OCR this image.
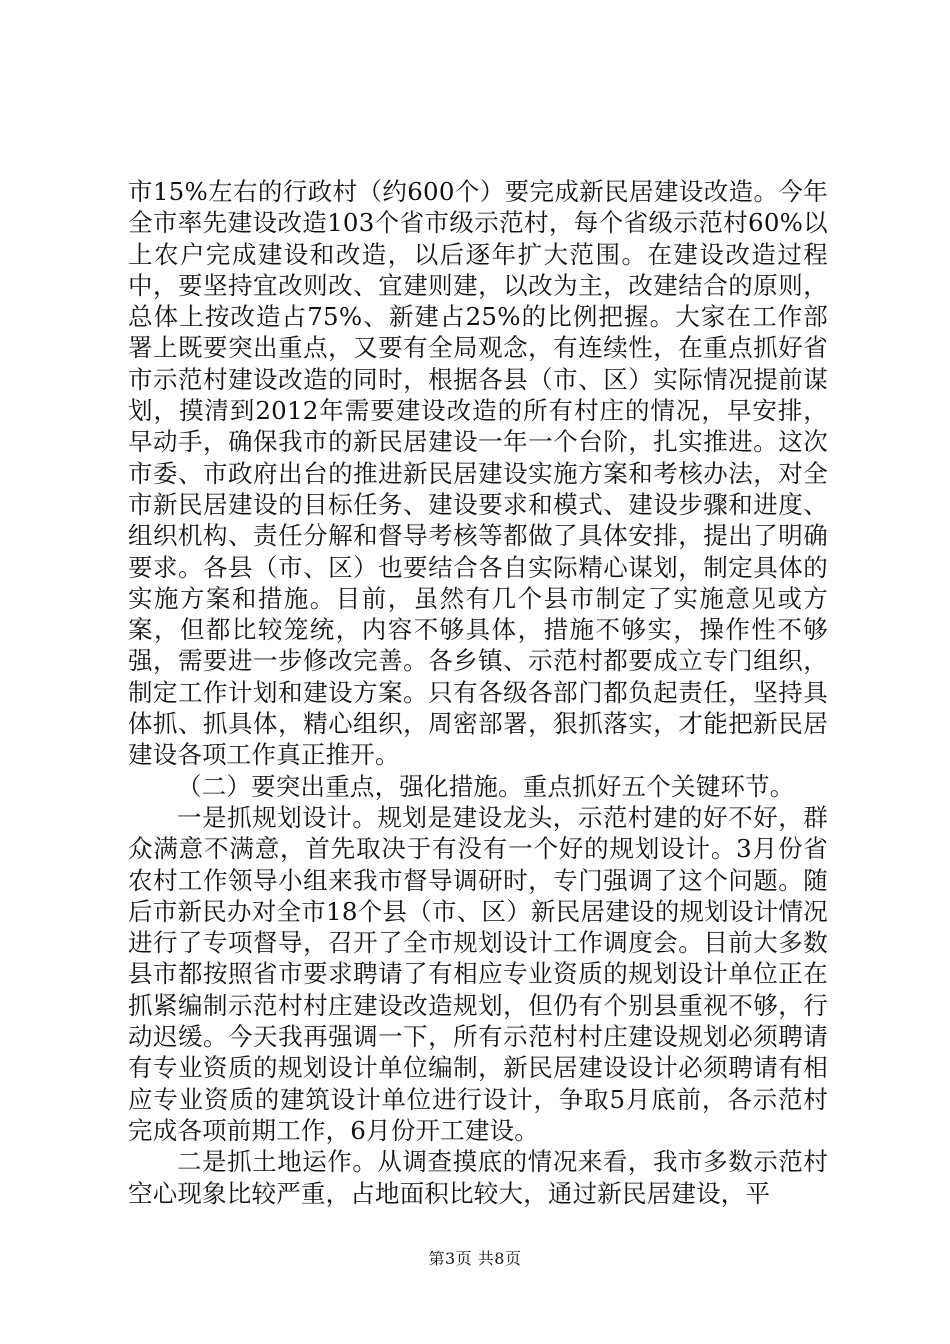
市15%左右的行政村（约600个）要完成新民居建设改造。今年全市率先建设改造103个省市级示范村，每个省级示范村60%以上农户完成建设和改造，以后逐年扩大范围。在建设改造过程中，要坚持宜改则改、宜建则建，以改为主，改建结合的原则，总体上按改造占75%、新建占25%的比例把握。大家在工作部署上既要突出重点，又要有全局观念，有连续性，在重点抓好省市示范村建设改造的同时，根据各县（市、区）实际情况提前谋划，摸清到2012年需要建设改造的所有村庄的情况，早安排，早动手，确保我市的新民居建设一年一个台阶，扎实推进。这次市委、市政府出台的推进新民居建设实施方案和考核办法，对全市新民居建设的目标任务、建设要求和模式、建设步骤和进度、组织机构、责任分解和督导考核等都做了具体安排，提出了明确要求。各县（市、区）也要结合各自实际精心谋划，制定具体的实施方案和措施。目前，虽然有几个县市制定了实施意见或方案，但都比较笼统，内容不够具体，措施不够实，操作性不够强，需要进一步修改完善。各乡镇、示范村都要成立专门组织，制定工作计划和建设方案。只有各级各部门都负起责任，坚持具体抓、抓具体，精心组织，周密部署，狠抓落实，才能把新民居建设各项工作真正推开。

（二）要突出重点，强化措施。重点抓好五个关键环节。

一是抓规划设计。规划是建设龙头，示范村建的好不好，群众满意不满意，首先取决于有没有一个好的规划设计。3月份省农村工作领导小组来我市督导调研时，专门强调了这个问题。随后市新民办对全市18个县（市、区）新民居建设的规划设计情况进行了专项督导，召开了全市规划设计工作调度会。目前大多数县市都按照省市要求聘请了有相应专业资质的规划设计单位正在抓紧编制示范村村庄建设改造规划，但仍有个别县重视不够，行动迟缓。今天我再强调一下，所有示范村村庄建设规划必须聘请有专业资质的规划设计单位编制，新民居建设设计必须聘请有相应专业资质的建筑设计单位进行设计，争取5月底前，各示范村完成各项前期工作，6月份开工建设。

二是抓土地运作。从调查摸底的情况来看，我市多数示范村空心现象比较严重，占地面积比较大，通过新民居建设，平

第3页 共8页
